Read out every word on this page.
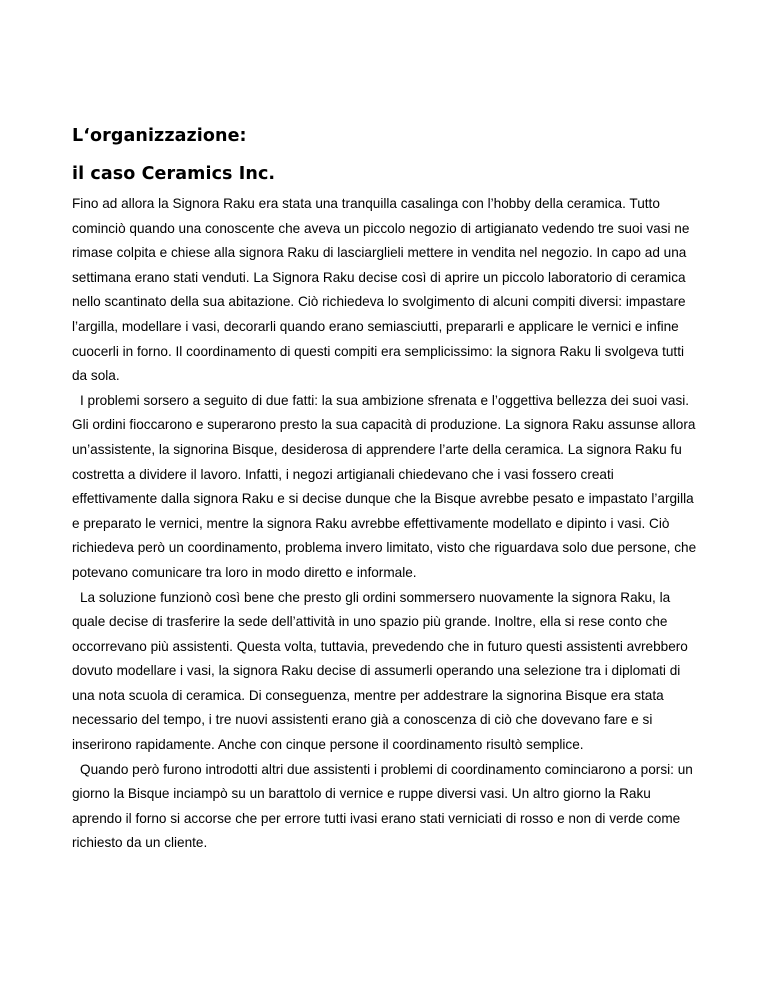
L‘organizzazione:
il caso Ceramics Inc.

Fino ad allora la Signora Raku era stata una tranquilla casalinga con l’hobby della ceramica. Tutto cominciò quando una conoscente che aveva un piccolo negozio di artigianato vedendo tre suoi vasi ne rimase colpita e chiese alla signora Raku di lasciarglieli mettere in vendita nel negozio. In capo ad una settimana erano stati venduti. La Signora Raku decise così di aprire un piccolo laboratorio di ceramica nello scantinato della sua abitazione. Ciò richiedeva lo svolgimento di alcuni compiti diversi: impastare l’argilla, modellare i vasi, decorarli quando erano semiasciutti, prepararli e applicare le vernici e infine cuocerli in forno. Il coordinamento di questi compiti era semplicissimo: la signora Raku li svolgeva tutti da sola.

I problemi sorsero a seguito di due fatti: la sua ambizione sfrenata e l’oggettiva bellezza dei suoi vasi. Gli ordini fioccarono e superarono presto la sua capacità di produzione. La signora Raku assunse allora un’assistente, la signorina Bisque, desiderosa di apprendere l’arte della ceramica. La signora Raku fu costretta a dividere il lavoro. Infatti, i negozi artigianali chiedevano che i vasi fossero creati effettivamente dalla signora Raku e si decise dunque che la Bisque avrebbe pesato e impastato l’argilla e preparato le vernici, mentre la signora Raku avrebbe effettivamente modellato e dipinto i vasi. Ciò richiedeva però un coordinamento, problema invero limitato, visto che riguardava solo due persone, che potevano comunicare tra loro in modo diretto e informale.

La soluzione funzionò così bene che presto gli ordini sommersero nuovamente la signora Raku, la quale decise di trasferire la sede dell’attività in uno spazio più grande. Inoltre, ella si rese conto che occorrevano più assistenti. Questa volta, tuttavia, prevedendo che in futuro questi assistenti avrebbero dovuto modellare i vasi, la signora Raku decise di assumerli operando una selezione tra i diplomati di una nota scuola di ceramica. Di conseguenza, mentre per addestrare la signorina Bisque era stata necessario del tempo, i tre nuovi assistenti erano già a conoscenza di ciò che dovevano fare e si inserirono rapidamente. Anche con cinque persone il coordinamento risultò semplice.

Quando però furono introdotti altri due assistenti i problemi di coordinamento cominciarono a porsi: un giorno la Bisque inciampò su un barattolo di vernice e ruppe diversi vasi. Un altro giorno la Raku aprendo il forno si accorse che per errore tutti ivasi erano stati verniciati di rosso e non di verde come richiesto da un cliente.
